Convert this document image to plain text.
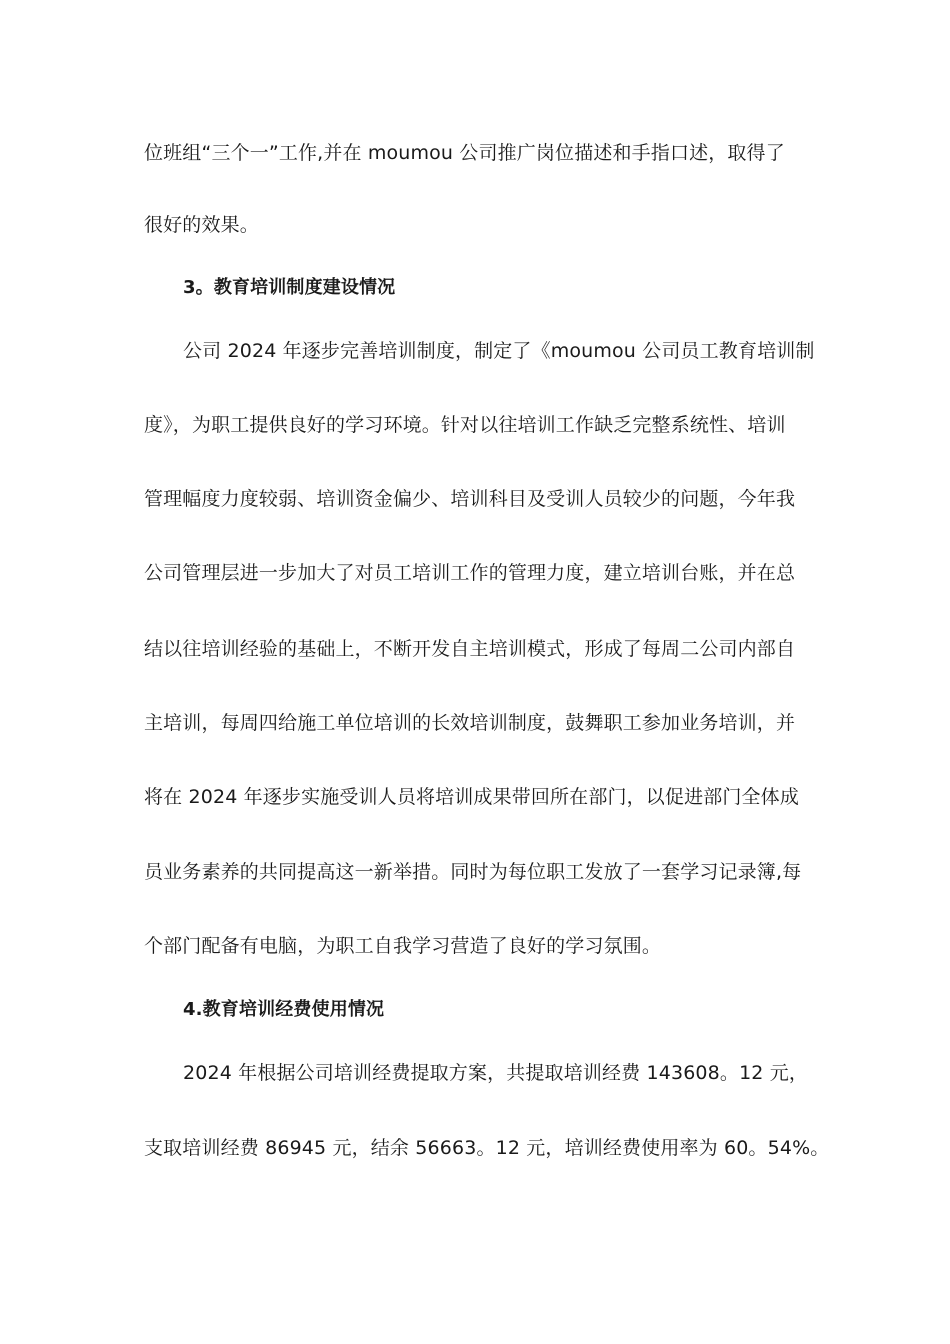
位班组“三个一”工作,并在 moumou 公司推广岗位描述和手指口述，取得了
很好的效果。
3。教育培训制度建设情况
公司 2024 年逐步完善培训制度，制定了《moumou 公司员工教育培训制
度》，为职工提供良好的学习环境。针对以往培训工作缺乏完整系统性、培训
管理幅度力度较弱、培训资金偏少、培训科目及受训人员较少的问题，今年我
公司管理层进一步加大了对员工培训工作的管理力度，建立培训台账，并在总
结以往培训经验的基础上，不断开发自主培训模式，形成了每周二公司内部自
主培训，每周四给施工单位培训的长效培训制度，鼓舞职工参加业务培训，并
将在 2024 年逐步实施受训人员将培训成果带回所在部门，以促进部门全体成
员业务素养的共同提高这一新举措。同时为每位职工发放了一套学习记录簿,每
个部门配备有电脑，为职工自我学习营造了良好的学习氛围。
4.教育培训经费使用情况
2024 年根据公司培训经费提取方案，共提取培训经费 143608。12 元，
支取培训经费 86945 元，结余 56663。12 元，培训经费使用率为 60。54%。
